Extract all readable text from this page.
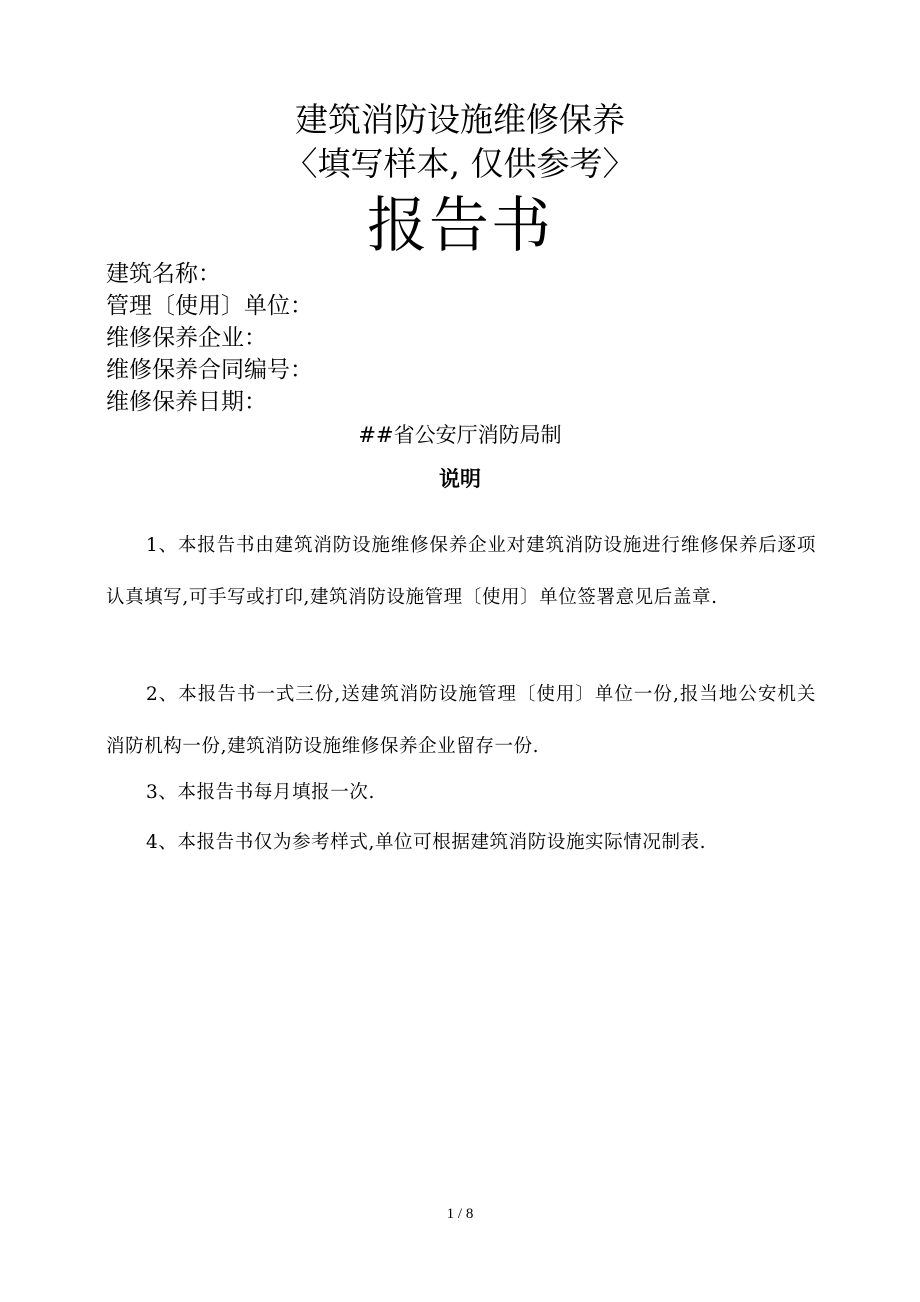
建筑消防设施维修保养
〈填写样本, 仅供参考〉
报告书
建筑名称：
管理〔使用〕单位：
维修保养企业：
维修保养合同编号：
维修保养日期：
##省公安厅消防局制
说明

1、本报告书由建筑消防设施维修保养企业对建筑消防设施进行维修保养后逐项认真填写,可手写或打印,建筑消防设施管理〔使用〕单位签署意见后盖章.

2、本报告书一式三份,送建筑消防设施管理〔使用〕单位一份,报当地公安机关消防机构一份,建筑消防设施维修保养企业留存一份.

3、本报告书每月填报一次.

4、本报告书仅为参考样式,单位可根据建筑消防设施实际情况制表.

1 / 8
